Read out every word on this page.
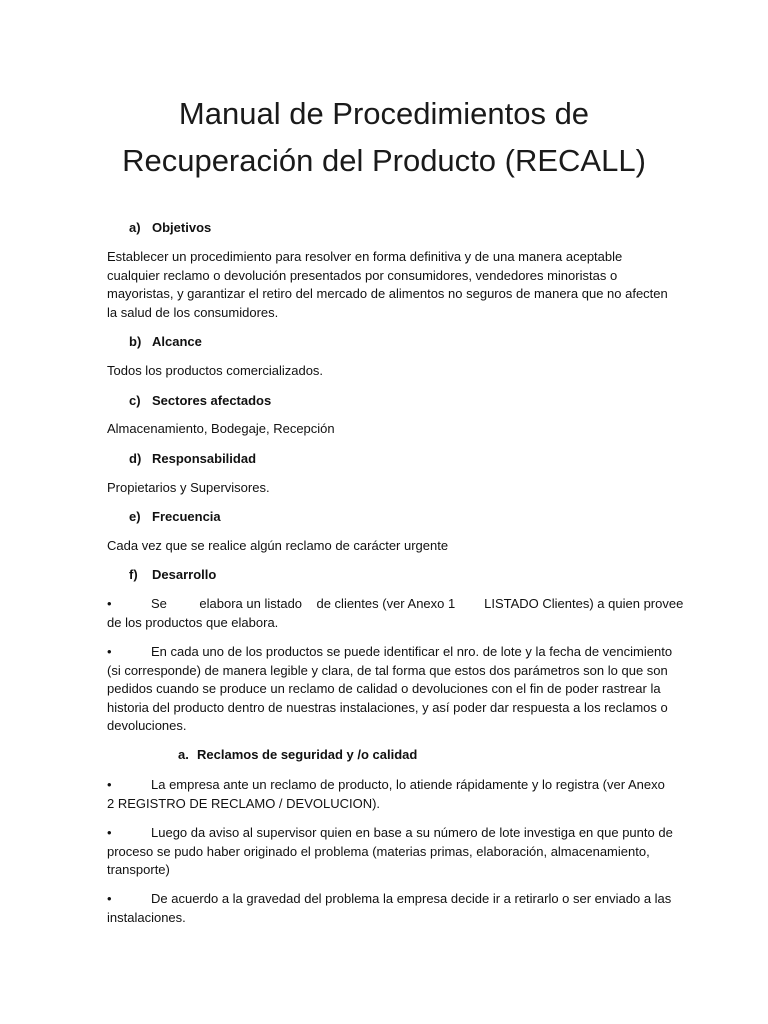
Manual de Procedimientos de
Recuperación del Producto (RECALL)
a) Objetivos
Establecer un procedimiento para resolver en forma definitiva y de una manera aceptable
cualquier reclamo o devolución presentados por consumidores, vendedores minoristas o
mayoristas, y garantizar el retiro del mercado de alimentos no seguros de manera que no afecten
la salud de los consumidores.
b) Alcance
Todos los productos comercializados.
c) Sectores afectados
Almacenamiento, Bodegaje, Recepción
d) Responsabilidad
Propietarios y Supervisores.
e) Frecuencia
Cada vez que se realice algún reclamo de carácter urgente
f) Desarrollo
•	Se         elabora un listado    de clientes (ver Anexo 1        LISTADO Clientes) a quien provee
de los productos que elabora.
•	En cada uno de los productos se puede identificar el nro. de lote y la fecha de vencimiento
(si corresponde) de manera legible y clara, de tal forma que estos dos parámetros son lo que son
pedidos cuando se produce un reclamo de calidad o devoluciones con el fin de poder rastrear la
historia del producto dentro de nuestras instalaciones, y así poder dar respuesta a los reclamos o
devoluciones.
a. Reclamos de seguridad y /o calidad
•	La empresa ante un reclamo de producto, lo atiende rápidamente y lo registra (ver Anexo
2 REGISTRO DE RECLAMO / DEVOLUCION).
•	Luego da aviso al supervisor quien en base a su número de lote investiga en que punto de
proceso se pudo haber originado el problema (materias primas, elaboración, almacenamiento,
transporte)
•	De acuerdo a la gravedad del problema la empresa decide ir a retirarlo o ser enviado a las
instalaciones.
